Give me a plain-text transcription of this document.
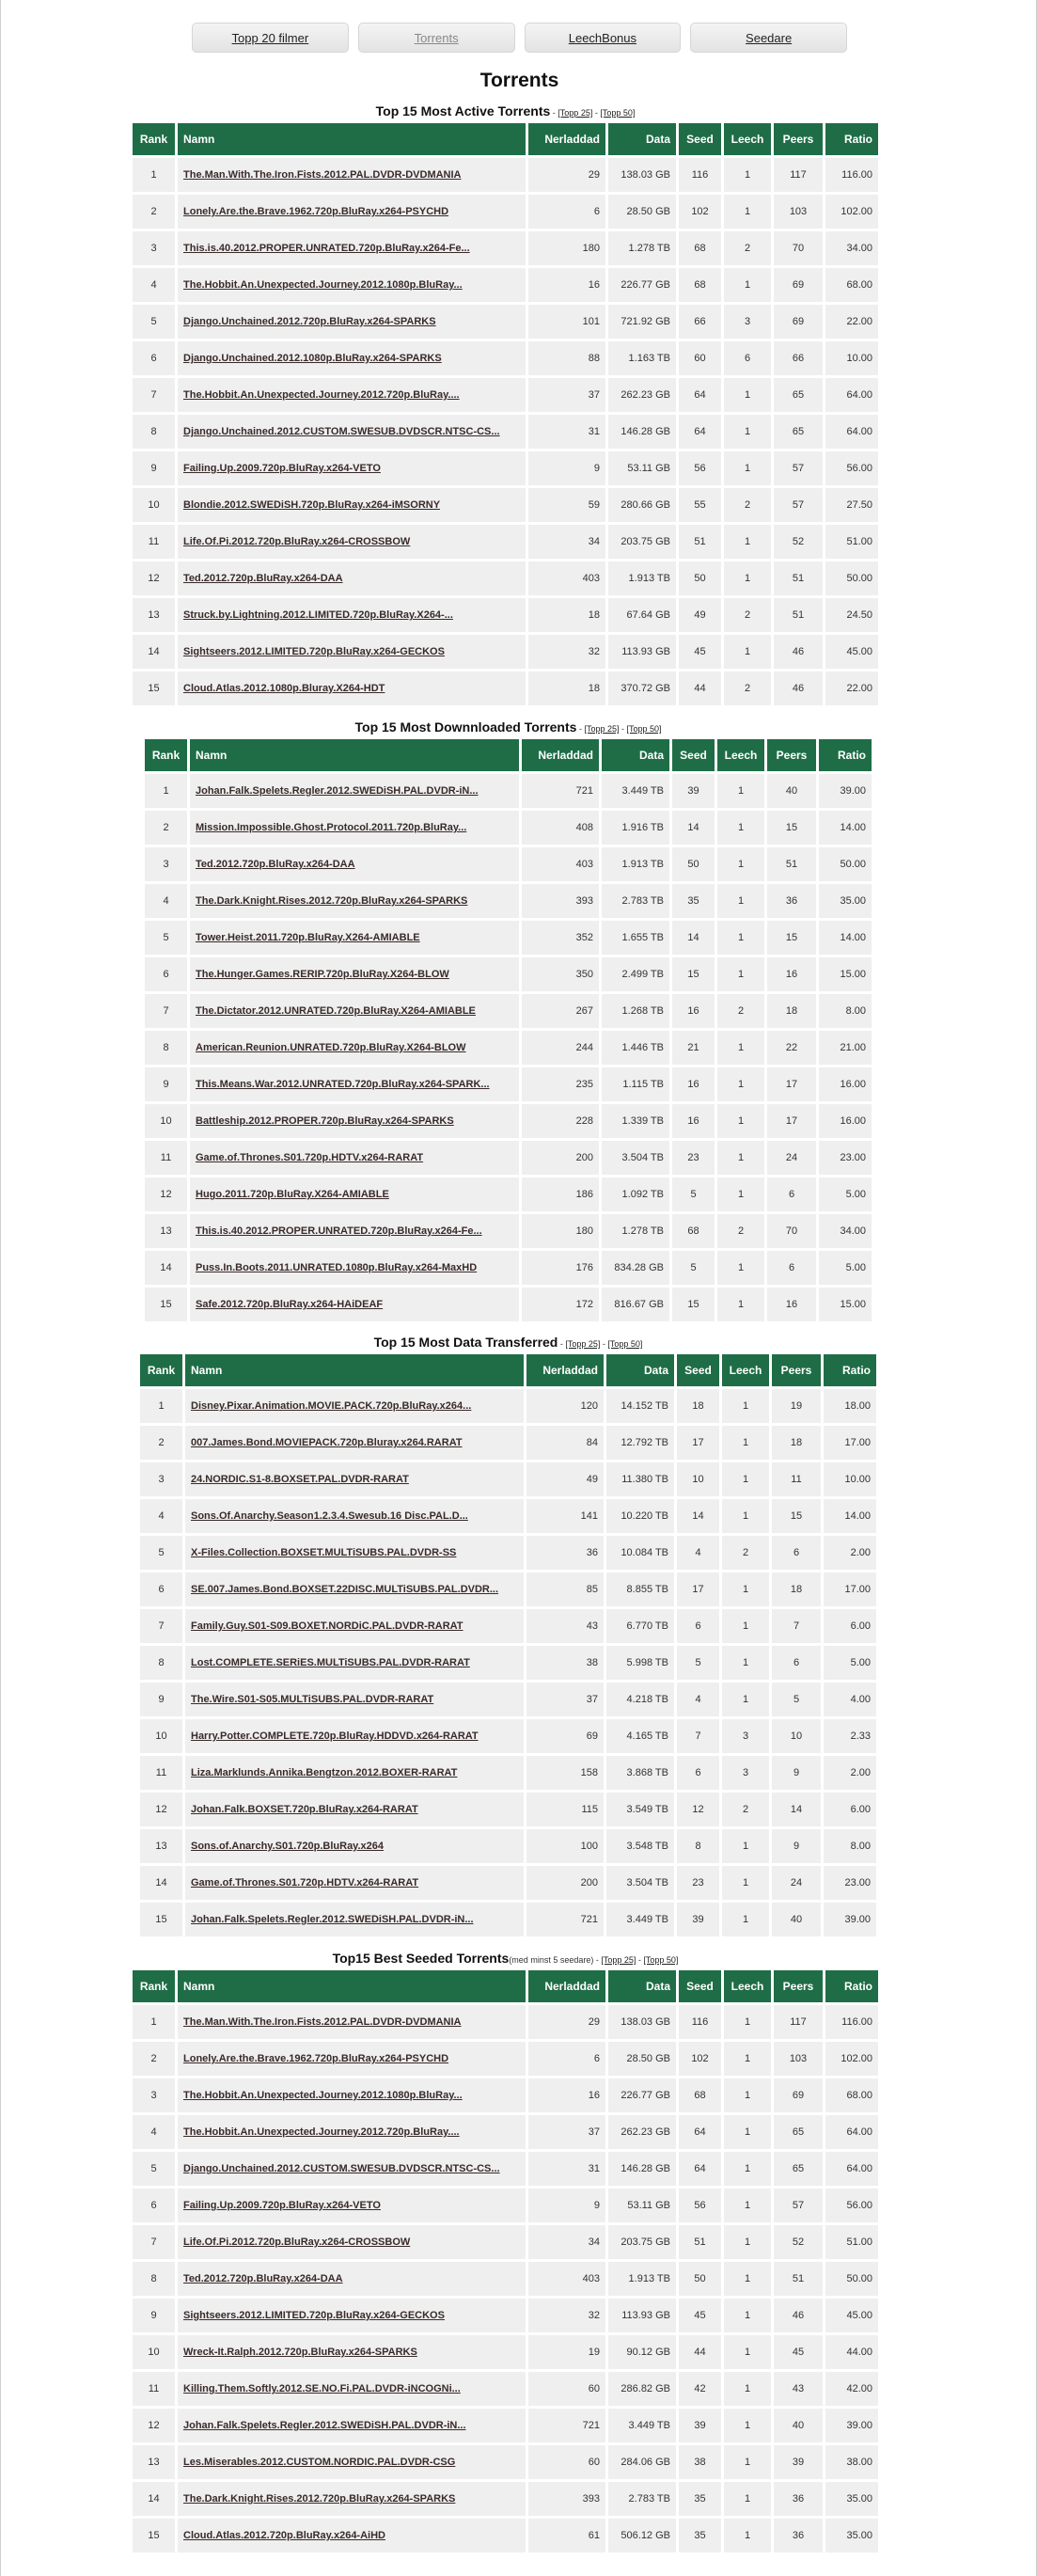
Topp 20 filmer	Torrents	LeechBonus	Seedare
Torrents
Top 15 Most Active Torrents - [Topp 25] - [Topp 50]
Rank	Namn	Nerladdad	Data	Seed	Leech	Peers	Ratio
1	The.Man.With.The.Iron.Fists.2012.PAL.DVDR-DVDMANIA	29	138.03 GB	116	1	117	116.00
2	Lonely.Are.the.Brave.1962.720p.BluRay.x264-PSYCHD	6	28.50 GB	102	1	103	102.00
3	This.is.40.2012.PROPER.UNRATED.720p.BluRay.x264-Fe...	180	1.278 TB	68	2	70	34.00
4	The.Hobbit.An.Unexpected.Journey.2012.1080p.BluRay...	16	226.77 GB	68	1	69	68.00
5	Django.Unchained.2012.720p.BluRay.x264-SPARKS	101	721.92 GB	66	3	69	22.00
6	Django.Unchained.2012.1080p.BluRay.x264-SPARKS	88	1.163 TB	60	6	66	10.00
7	The.Hobbit.An.Unexpected.Journey.2012.720p.BluRay....	37	262.23 GB	64	1	65	64.00
8	Django.Unchained.2012.CUSTOM.SWESUB.DVDSCR.NTSC-CS...	31	146.28 GB	64	1	65	64.00
9	Failing.Up.2009.720p.BluRay.x264-VETO	9	53.11 GB	56	1	57	56.00
10	Blondie.2012.SWEDiSH.720p.BluRay.x264-iMSORNY	59	280.66 GB	55	2	57	27.50
11	Life.Of.Pi.2012.720p.BluRay.x264-CROSSBOW	34	203.75 GB	51	1	52	51.00
12	Ted.2012.720p.BluRay.x264-DAA	403	1.913 TB	50	1	51	50.00
13	Struck.by.Lightning.2012.LIMITED.720p.BluRay.X264-...	18	67.64 GB	49	2	51	24.50
14	Sightseers.2012.LIMITED.720p.BluRay.x264-GECKOS	32	113.93 GB	45	1	46	45.00
15	Cloud.Atlas.2012.1080p.Bluray.X264-HDT	18	370.72 GB	44	2	46	22.00
Top 15 Most Downnloaded Torrents - [Topp 25] - [Topp 50]
Rank	Namn	Nerladdad	Data	Seed	Leech	Peers	Ratio
1	Johan.Falk.Spelets.Regler.2012.SWEDiSH.PAL.DVDR-iN...	721	3.449 TB	39	1	40	39.00
2	Mission.Impossible.Ghost.Protocol.2011.720p.BluRay...	408	1.916 TB	14	1	15	14.00
3	Ted.2012.720p.BluRay.x264-DAA	403	1.913 TB	50	1	51	50.00
4	The.Dark.Knight.Rises.2012.720p.BluRay.x264-SPARKS	393	2.783 TB	35	1	36	35.00
5	Tower.Heist.2011.720p.BluRay.X264-AMIABLE	352	1.655 TB	14	1	15	14.00
6	The.Hunger.Games.RERIP.720p.BluRay.X264-BLOW	350	2.499 TB	15	1	16	15.00
7	The.Dictator.2012.UNRATED.720p.BluRay.X264-AMIABLE	267	1.268 TB	16	2	18	8.00
8	American.Reunion.UNRATED.720p.BluRay.X264-BLOW	244	1.446 TB	21	1	22	21.00
9	This.Means.War.2012.UNRATED.720p.BluRay.x264-SPARK...	235	1.115 TB	16	1	17	16.00
10	Battleship.2012.PROPER.720p.BluRay.x264-SPARKS	228	1.339 TB	16	1	17	16.00
11	Game.of.Thrones.S01.720p.HDTV.x264-RARAT	200	3.504 TB	23	1	24	23.00
12	Hugo.2011.720p.BluRay.X264-AMIABLE	186	1.092 TB	5	1	6	5.00
13	This.is.40.2012.PROPER.UNRATED.720p.BluRay.x264-Fe...	180	1.278 TB	68	2	70	34.00
14	Puss.In.Boots.2011.UNRATED.1080p.BluRay.x264-MaxHD	176	834.28 GB	5	1	6	5.00
15	Safe.2012.720p.BluRay.x264-HAiDEAF	172	816.67 GB	15	1	16	15.00
Top 15 Most Data Transferred - [Topp 25] - [Topp 50]
Rank	Namn	Nerladdad	Data	Seed	Leech	Peers	Ratio
1	Disney.Pixar.Animation.MOVIE.PACK.720p.BluRay.x264...	120	14.152 TB	18	1	19	18.00
2	007.James.Bond.MOVIEPACK.720p.Bluray.x264.RARAT	84	12.792 TB	17	1	18	17.00
3	24.NORDIC.S1-8.BOXSET.PAL.DVDR-RARAT	49	11.380 TB	10	1	11	10.00
4	Sons.Of.Anarchy.Season1.2.3.4.Swesub.16 Disc.PAL.D...	141	10.220 TB	14	1	15	14.00
5	X-Files.Collection.BOXSET.MULTiSUBS.PAL.DVDR-SS	36	10.084 TB	4	2	6	2.00
6	SE.007.James.Bond.BOXSET.22DISC.MULTiSUBS.PAL.DVDR...	85	8.855 TB	17	1	18	17.00
7	Family.Guy.S01-S09.BOXET.NORDiC.PAL.DVDR-RARAT	43	6.770 TB	6	1	7	6.00
8	Lost.COMPLETE.SERiES.MULTiSUBS.PAL.DVDR-RARAT	38	5.998 TB	5	1	6	5.00
9	The.Wire.S01-S05.MULTiSUBS.PAL.DVDR-RARAT	37	4.218 TB	4	1	5	4.00
10	Harry.Potter.COMPLETE.720p.BluRay.HDDVD.x264-RARAT	69	4.165 TB	7	3	10	2.33
11	Liza.Marklunds.Annika.Bengtzon.2012.BOXER-RARAT	158	3.868 TB	6	3	9	2.00
12	Johan.Falk.BOXSET.720p.BluRay.x264-RARAT	115	3.549 TB	12	2	14	6.00
13	Sons.of.Anarchy.S01.720p.BluRay.x264	100	3.548 TB	8	1	9	8.00
14	Game.of.Thrones.S01.720p.HDTV.x264-RARAT	200	3.504 TB	23	1	24	23.00
15	Johan.Falk.Spelets.Regler.2012.SWEDiSH.PAL.DVDR-iN...	721	3.449 TB	39	1	40	39.00
Top15 Best Seeded Torrents(med minst 5 seedare) - [Topp 25] - [Topp 50]
Rank	Namn	Nerladdad	Data	Seed	Leech	Peers	Ratio
1	The.Man.With.The.Iron.Fists.2012.PAL.DVDR-DVDMANIA	29	138.03 GB	116	1	117	116.00
2	Lonely.Are.the.Brave.1962.720p.BluRay.x264-PSYCHD	6	28.50 GB	102	1	103	102.00
3	The.Hobbit.An.Unexpected.Journey.2012.1080p.BluRay...	16	226.77 GB	68	1	69	68.00
4	The.Hobbit.An.Unexpected.Journey.2012.720p.BluRay....	37	262.23 GB	64	1	65	64.00
5	Django.Unchained.2012.CUSTOM.SWESUB.DVDSCR.NTSC-CS...	31	146.28 GB	64	1	65	64.00
6	Failing.Up.2009.720p.BluRay.x264-VETO	9	53.11 GB	56	1	57	56.00
7	Life.Of.Pi.2012.720p.BluRay.x264-CROSSBOW	34	203.75 GB	51	1	52	51.00
8	Ted.2012.720p.BluRay.x264-DAA	403	1.913 TB	50	1	51	50.00
9	Sightseers.2012.LIMITED.720p.BluRay.x264-GECKOS	32	113.93 GB	45	1	46	45.00
10	Wreck-It.Ralph.2012.720p.BluRay.x264-SPARKS	19	90.12 GB	44	1	45	44.00
11	Killing.Them.Softly.2012.SE.NO.Fi.PAL.DVDR-iNCOGNi...	60	286.82 GB	42	1	43	42.00
12	Johan.Falk.Spelets.Regler.2012.SWEDiSH.PAL.DVDR-iN...	721	3.449 TB	39	1	40	39.00
13	Les.Miserables.2012.CUSTOM.NORDIC.PAL.DVDR-CSG	60	284.06 GB	38	1	39	38.00
14	The.Dark.Knight.Rises.2012.720p.BluRay.x264-SPARKS	393	2.783 TB	35	1	36	35.00
15	Cloud.Atlas.2012.720p.BluRay.x264-AiHD	61	506.12 GB	35	1	36	35.00
